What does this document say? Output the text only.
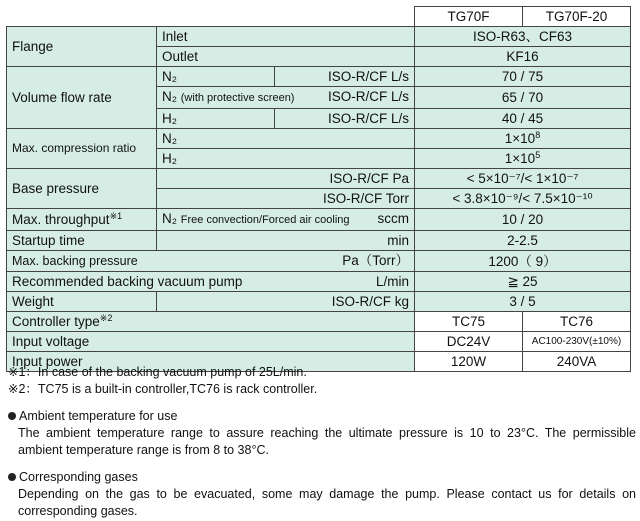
			TG70F	TG70F-20
Flange	Inlet		ISO-R63、CF63	
	Outlet		KF16	
Volume flow rate	N₂	ISO-R/CF L/s	70 / 75	
	N₂ (with protective screen) ISO-R/CF L/s		65 / 70	
	H₂	ISO-R/CF L/s	40 / 45	
Max. compression ratio	N₂		$1\times 10^8$
	H₂		$1\times 10^5$
Base pressure	ISO-R/CF Pa		< 5×10⁻⁷/< 1×10⁻⁷	
	ISO-R/CF Torr		< 3.8×10⁻⁹/< 7.5×10⁻¹⁰	
Max. throughput$^{※1}$	N₂ Free convection/Forced air cooling sccm		10 / 20	
Startup time	min		2-2.5	
Max. backing pressure Pa（Torr）			1200（ 9）	
Recommended backing vacuum pump L/min			≧ 25	
Weight	ISO-R/CF kg		3 / 5	
Controller type$^{※2}$			TC75	TC76
Input voltage			DC24V	AC100-230V(±10%)
Input power			120W	240VA

※1：In case of the backing vacuum pump of 25L/min.

※2：TC75 is a built-in controller,TC76 is rack controller.

Ambient temperature for use

The ambient temperature range to assure reaching the ultimate pressure is 10 to 23°C. The permissible ambient temperature range is from 8 to 38°C.

Corresponding gases

Depending on the gas to be evacuated, some may damage the pump. Please contact us for details on corresponding gases.
